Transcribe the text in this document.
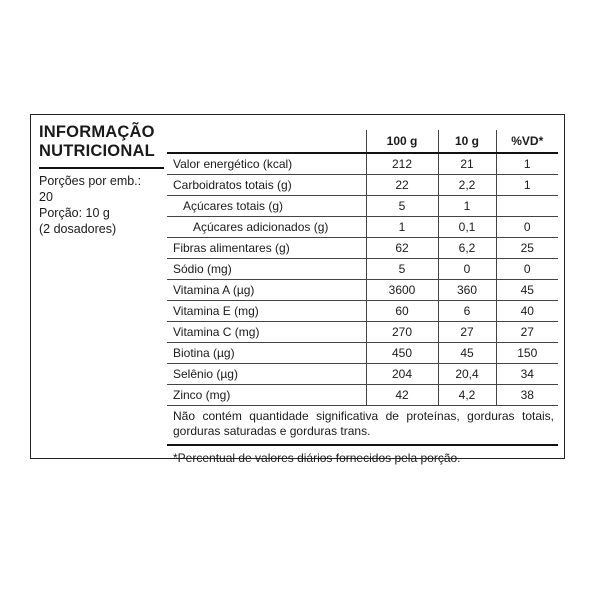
INFORMAÇÃO
NUTRICIONAL

Porções por emb.:
20
Porção: 10 g
(2 dosadores)
	100 g	10 g	%VD*
Valor energético (kcal)	212	21	1
Carboidratos totais (g)	22	2,2	1
Açúcares totais (g)	5	1	
Açúcares adicionados (g)	1	0,1	0
Fibras alimentares (g)	62	6,2	25
Sódio (mg)	5	0	0
Vitamina A (µg)	3600	360	45
Vitamina E (mg)	60	6	40
Vitamina C (mg)	270	27	27
Biotina (µg)	450	45	150
Selênio (µg)	204	20,4	34
Zinco (mg)	42	4,2	38
Não contém quantidade significativa de proteínas, gorduras totais, gorduras saturadas e gorduras trans.			
*Percentual de valores diários fornecidos pela porção.			
